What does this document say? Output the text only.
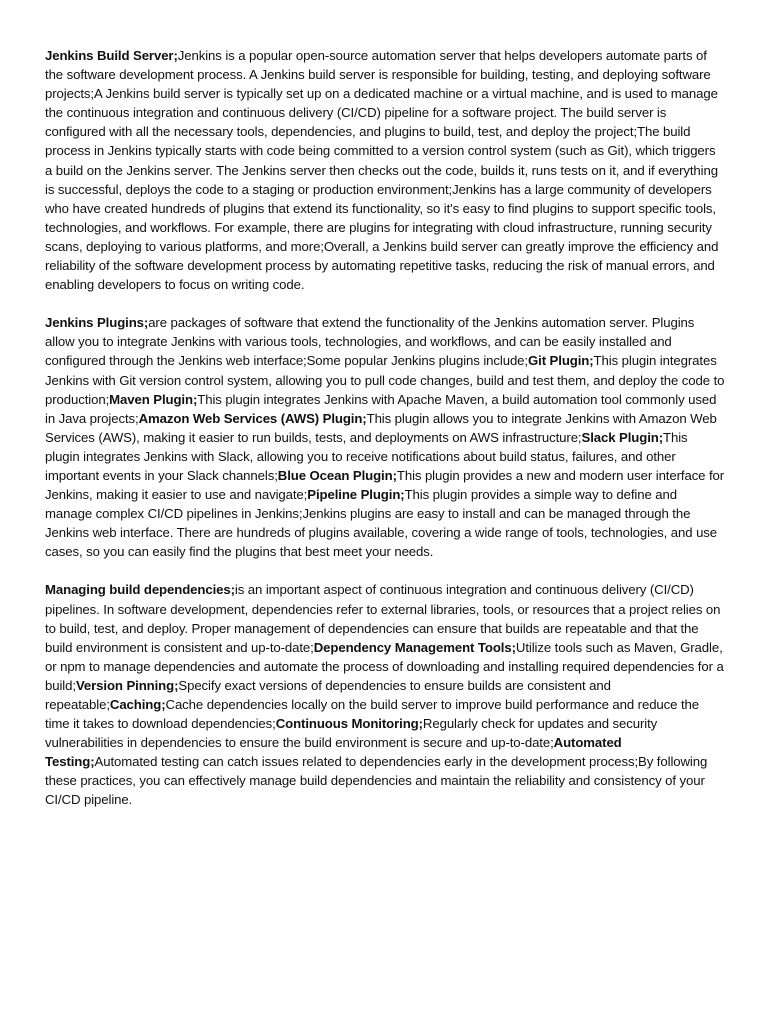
Jenkins Build Server;Jenkins is a popular open-source automation server that helps developers automate parts of the software development process. A Jenkins build server is responsible for building, testing, and deploying software projects;A Jenkins build server is typically set up on a dedicated machine or a virtual machine, and is used to manage the continuous integration and continuous delivery (CI/CD) pipeline for a software project. The build server is configured with all the necessary tools, dependencies, and plugins to build, test, and deploy the project;The build process in Jenkins typically starts with code being committed to a version control system (such as Git), which triggers a build on the Jenkins server. The Jenkins server then checks out the code, builds it, runs tests on it, and if everything is successful, deploys the code to a staging or production environment;Jenkins has a large community of developers who have created hundreds of plugins that extend its functionality, so it's easy to find plugins to support specific tools, technologies, and workflows. For example, there are plugins for integrating with cloud infrastructure, running security scans, deploying to various platforms, and more;Overall, a Jenkins build server can greatly improve the efficiency and reliability of the software development process by automating repetitive tasks, reducing the risk of manual errors, and enabling developers to focus on writing code.

Jenkins Plugins;are packages of software that extend the functionality of the Jenkins automation server. Plugins allow you to integrate Jenkins with various tools, technologies, and workflows, and can be easily installed and configured through the Jenkins web interface;Some popular Jenkins plugins include;Git Plugin;This plugin integrates Jenkins with Git version control system, allowing you to pull code changes, build and test them, and deploy the code to production;Maven Plugin;This plugin integrates Jenkins with Apache Maven, a build automation tool commonly used in Java projects;Amazon Web Services (AWS) Plugin;This plugin allows you to integrate Jenkins with Amazon Web Services (AWS), making it easier to run builds, tests, and deployments on AWS infrastructure;Slack Plugin;This plugin integrates Jenkins with Slack, allowing you to receive notifications about build status, failures, and other important events in your Slack channels;Blue Ocean Plugin;This plugin provides a new and modern user interface for Jenkins, making it easier to use and navigate;Pipeline Plugin;This plugin provides a simple way to define and manage complex CI/CD pipelines in Jenkins;Jenkins plugins are easy to install and can be managed through the Jenkins web interface. There are hundreds of plugins available, covering a wide range of tools, technologies, and use cases, so you can easily find the plugins that best meet your needs.

Managing build dependencies;is an important aspect of continuous integration and continuous delivery (CI/CD) pipelines. In software development, dependencies refer to external libraries, tools, or resources that a project relies on to build, test, and deploy. Proper management of dependencies can ensure that builds are repeatable and that the build environment is consistent and up-to-date;Dependency Management Tools;Utilize tools such as Maven, Gradle, or npm to manage dependencies and automate the process of downloading and installing required dependencies for a build;Version Pinning;Specify exact versions of dependencies to ensure builds are consistent and repeatable;Caching;Cache dependencies locally on the build server to improve build performance and reduce the time it takes to download dependencies;Continuous Monitoring;Regularly check for updates and security vulnerabilities in dependencies to ensure the build environment is secure and up-to-date;Automated Testing;Automated testing can catch issues related to dependencies early in the development process;By following these practices, you can effectively manage build dependencies and maintain the reliability and consistency of your CI/CD pipeline.
